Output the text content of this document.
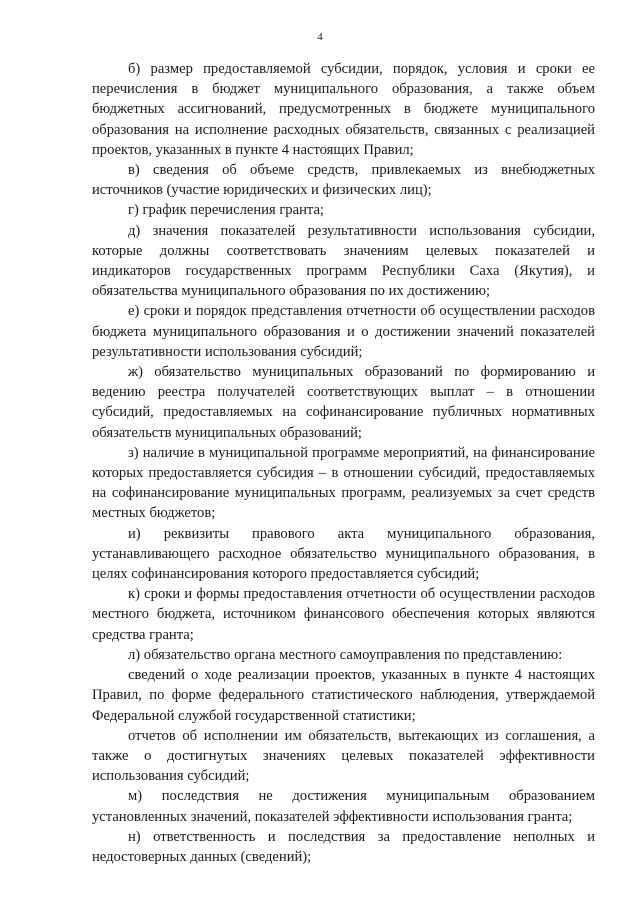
4

б) размер предоставляемой субсидии, порядок, условия и сроки ее перечисления в бюджет муниципального образования, а также объем бюджетных ассигнований, предусмотренных в бюджете муниципального образования на исполнение расходных обязательств, связанных с реализацией проектов, указанных в пункте 4 настоящих Правил;

в) сведения об объеме средств, привлекаемых из внебюджетных источников (участие юридических и физических лиц);

г) график перечисления гранта;

д) значения показателей результативности использования субсидии, которые должны соответствовать значениям целевых показателей и индикаторов государственных программ Республики Саха (Якутия), и обязательства муниципального образования по их достижению;

е) сроки и порядок представления отчетности об осуществлении расходов бюджета муниципального образования и о достижении значений показателей результативности использования субсидий;

ж) обязательство муниципальных образований по формированию и ведению реестра получателей соответствующих выплат – в отношении субсидий, предоставляемых на софинансирование публичных нормативных обязательств муниципальных образований;

з) наличие в муниципальной программе мероприятий, на финансирование которых предоставляется субсидия – в отношении субсидий, предоставляемых на софинансирование муниципальных программ, реализуемых за счет средств местных бюджетов;

и) реквизиты правового акта муниципального образования, устанавливающего расходное обязательство муниципального образования, в целях софинансирования которого предоставляется субсидий;

к) сроки и формы предоставления отчетности об осуществлении расходов местного бюджета, источником финансового обеспечения которых являются средства гранта;

л) обязательство органа местного самоуправления по представлению:

сведений о ходе реализации проектов, указанных в пункте 4 настоящих Правил, по форме федерального статистического наблюдения, утверждаемой Федеральной службой государственной статистики;

отчетов об исполнении им обязательств, вытекающих из соглашения, а также о достигнутых значениях целевых показателей эффективности использования субсидий;

м) последствия не достижения муниципальным образованием установленных значений, показателей эффективности использования гранта;

н) ответственность и последствия за предоставление неполных и недостоверных данных (сведений);
